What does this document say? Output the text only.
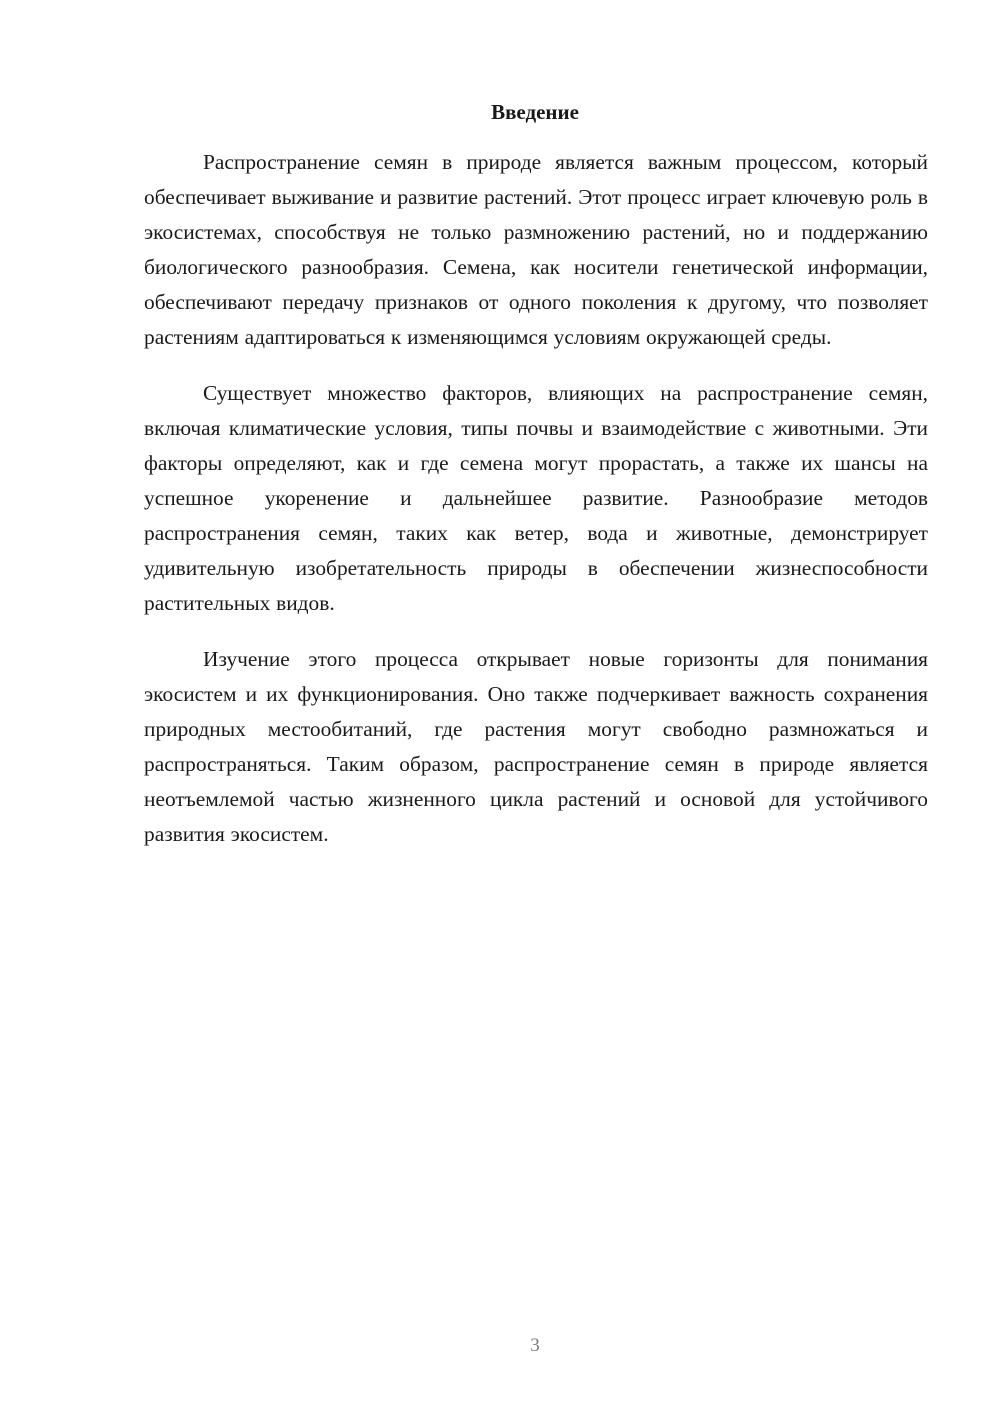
Введение

Распространение семян в природе является важным процессом, который обеспечивает выживание и развитие растений. Этот процесс играет ключевую роль в экосистемах, способствуя не только размножению растений, но и поддержанию биологического разнообразия. Семена, как носители генетической информации, обеспечивают передачу признаков от одного поколения к другому, что позволяет растениям адаптироваться к изменяющимся условиям окружающей среды.

Существует множество факторов, влияющих на распространение семян, включая климатические условия, типы почвы и взаимодействие с животными. Эти факторы определяют, как и где семена могут прорастать, а также их шансы на успешное укоренение и дальнейшее развитие. Разнообразие методов распространения семян, таких как ветер, вода и животные, демонстрирует удивительную изобретательность природы в обеспечении жизнеспособности растительных видов.

Изучение этого процесса открывает новые горизонты для понимания экосистем и их функционирования. Оно также подчеркивает важность сохранения природных местообитаний, где растения могут свободно размножаться и распространяться. Таким образом, распространение семян в природе является неотъемлемой частью жизненного цикла растений и основой для устойчивого развития экосистем.

3
